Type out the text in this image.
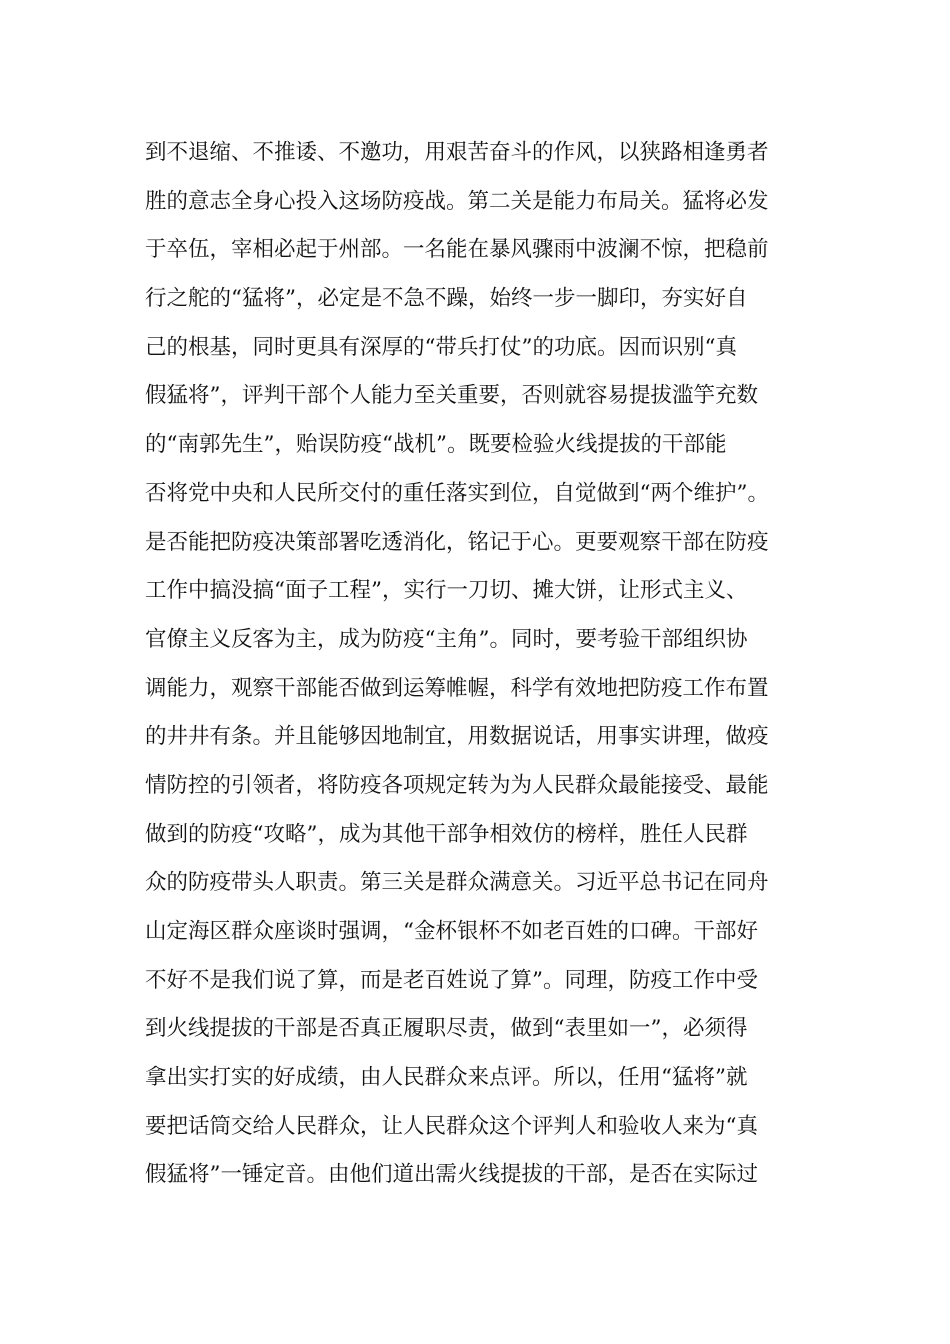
到不退缩、不推诿、不邀功，用艰苦奋斗的作风，以狭路相逢勇者
胜的意志全身心投入这场防疫战。第二关是能力布局关。猛将必发
于卒伍，宰相必起于州部。一名能在暴风骤雨中波澜不惊，把稳前
行之舵的“猛将”，必定是不急不躁，始终一步一脚印，夯实好自
己的根基，同时更具有深厚的“带兵打仗”的功底。因而识别“真
假猛将”，评判干部个人能力至关重要，否则就容易提拔滥竽充数
的“南郭先生”，贻误防疫“战机”。既要检验火线提拔的干部能
否将党中央和人民所交付的重任落实到位，自觉做到“两个维护”。
是否能把防疫决策部署吃透消化，铭记于心。更要观察干部在防疫
工作中搞没搞“面子工程”，实行一刀切、摊大饼，让形式主义、
官僚主义反客为主，成为防疫“主角”。同时，要考验干部组织协
调能力，观察干部能否做到运筹帷幄，科学有效地把防疫工作布置
的井井有条。并且能够因地制宜，用数据说话，用事实讲理，做疫
情防控的引领者，将防疫各项规定转为为人民群众最能接受、最能
做到的防疫“攻略”，成为其他干部争相效仿的榜样，胜任人民群
众的防疫带头人职责。第三关是群众满意关。习近平总书记在同舟
山定海区群众座谈时强调，“金杯银杯不如老百姓的口碑。干部好
不好不是我们说了算，而是老百姓说了算”。同理，防疫工作中受
到火线提拔的干部是否真正履职尽责，做到“表里如一”，必须得
拿出实打实的好成绩，由人民群众来点评。所以，任用“猛将”就
要把话筒交给人民群众，让人民群众这个评判人和验收人来为“真
假猛将”一锤定音。由他们道出需火线提拔的干部，是否在实际过
